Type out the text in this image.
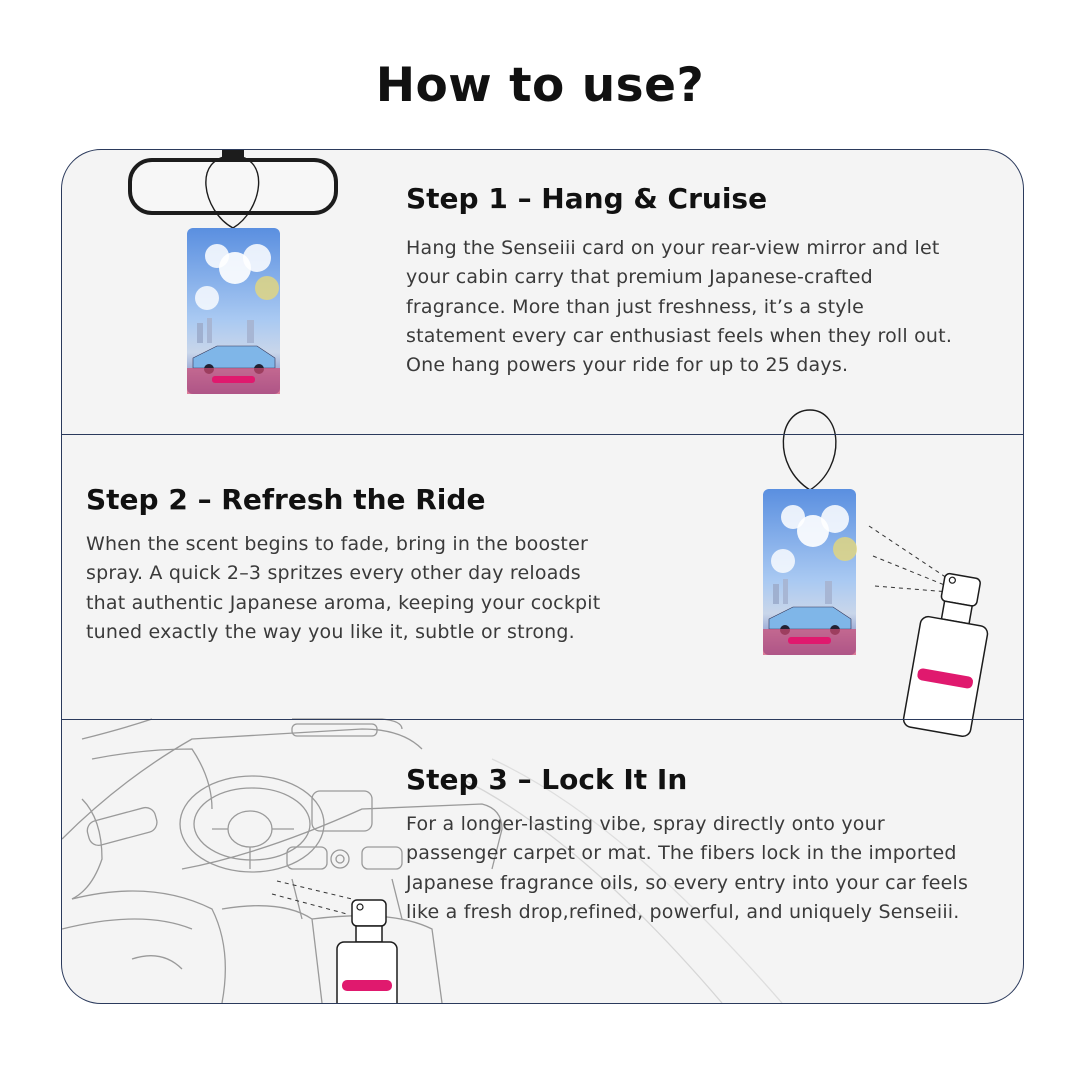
How to use?
Step 1 – Hang & Cruise
Hang the Senseiii card on your rear-view mirror and let
your cabin carry that premium Japanese-crafted
fragrance. More than just freshness, it’s a style
statement every car enthusiast feels when they roll out.
One hang powers your ride for up to 25 days.
Step 2 – Refresh the Ride
When the scent begins to fade, bring in the booster
spray. A quick 2–3 spritzes every other day reloads
that authentic Japanese aroma, keeping your cockpit
tuned exactly the way you like it, subtle or strong.
Step 3 – Lock It In
For a longer-lasting vibe, spray directly onto your
passenger carpet or mat. The fibers lock in the imported
Japanese fragrance oils, so every entry into your car feels
like a fresh drop,refined, powerful, and uniquely Senseiii.
